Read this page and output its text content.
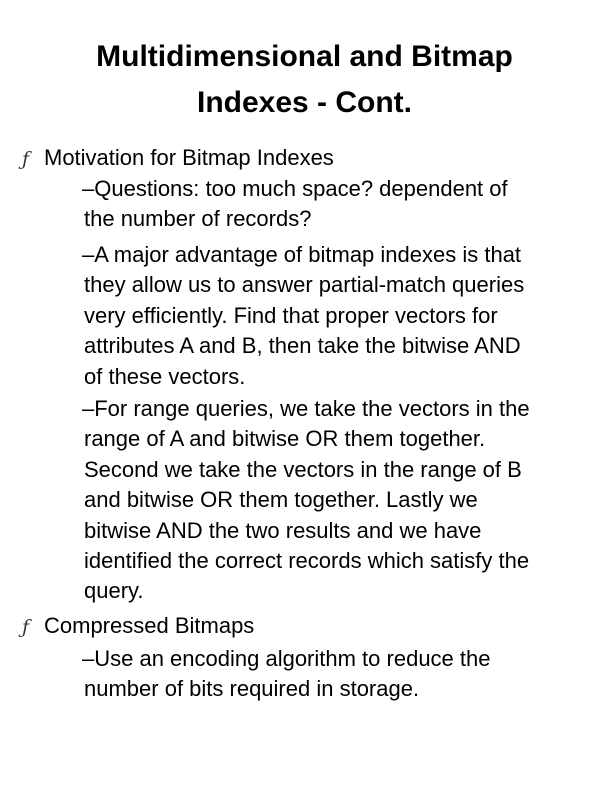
Multidimensional and Bitmap
Indexes - Cont.
ƒ Motivation for Bitmap Indexes
–Questions: too much space? dependent of
the number of records?
–A major advantage of bitmap indexes is that
they allow us to answer partial-match queries
very efficiently. Find that proper vectors for
attributes A and B, then take the bitwise AND
of these vectors.
–For range queries, we take the vectors in the
range of A and bitwise OR them together.
Second we take the vectors in the range of B
and bitwise OR them together. Lastly we
bitwise AND the two results and we have
identified the correct records which satisfy the
query.
ƒ Compressed Bitmaps
–Use an encoding algorithm to reduce the
number of bits required in storage.
